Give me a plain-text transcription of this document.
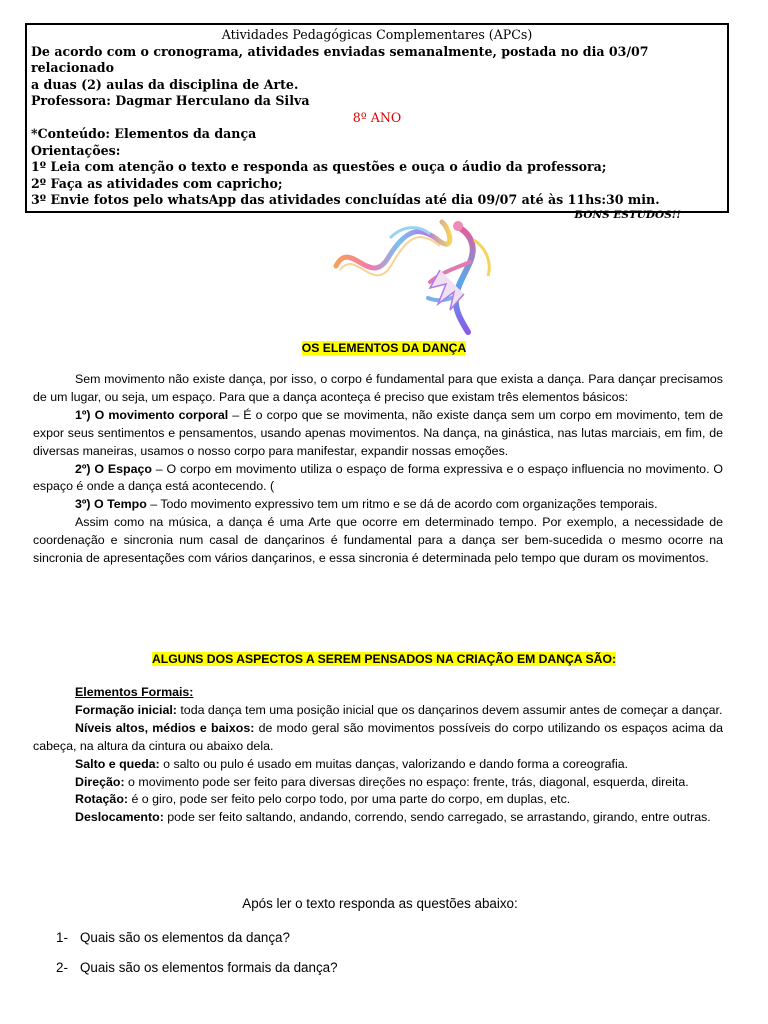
Atividades Pedagógicas Complementares (APCs)
De acordo com o cronograma, atividades enviadas semanalmente, postada no dia 03/07 relacionado
a duas (2) aulas da disciplina de Arte.
Professora: Dagmar Herculano da Silva
8º ANO
*Conteúdo: Elementos da dança
Orientações:
1º Leia com atenção o texto e responda as questões e ouça o áudio da professora;
2º Faça as atividades com capricho;
3º Envie fotos pelo whatsApp das atividades concluídas até dia 09/07 até às 11hs:30 min.
BONS ESTUDOS!!
OS ELEMENTOS DA DANÇA

Sem movimento não existe dança, por isso, o corpo é fundamental para que exista a dança. Para dançar precisamos de um lugar, ou seja, um espaço. Para que a dança aconteça é preciso que existam três elementos básicos:

1º) O movimento corporal – É o corpo que se movimenta, não existe dança sem um corpo em movimento, tem de expor seus sentimentos e pensamentos, usando apenas movimentos. Na dança, na ginástica, nas lutas marciais, em fim, de diversas maneiras, usamos o nosso corpo para manifestar, expandir nossas emoções.

2º) O Espaço – O corpo em movimento utiliza o espaço de forma expressiva e o espaço influencia no movimento. O espaço é onde a dança está acontecendo. (

3º) O Tempo – Todo movimento expressivo tem um ritmo e se dá de acordo com organizações temporais.

Assim como na música, a dança é uma Arte que ocorre em determinado tempo. Por exemplo, a necessidade de coordenação e sincronia num casal de dançarinos é fundamental para a dança ser bem-sucedida o mesmo ocorre na sincronia de apresentações com vários dançarinos, e essa sincronia é determinada pelo tempo que duram os movimentos.

ALGUNS DOS ASPECTOS A SEREM PENSADOS NA CRIAÇÃO EM DANÇA SÃO:

Elementos Formais:

Formação inicial: toda dança tem uma posição inicial que os dançarinos devem assumir antes de começar a dançar.

Níveis altos, médios e baixos: de modo geral são movimentos possíveis do corpo utilizando os espaços acima da cabeça, na altura da cintura ou abaixo dela.

Salto e queda: o salto ou pulo é usado em muitas danças, valorizando e dando forma a coreografia.

Direção: o movimento pode ser feito para diversas direções no espaço: frente, trás, diagonal, esquerda, direita.

Rotação: é o giro, pode ser feito pelo corpo todo, por uma parte do corpo, em duplas, etc.

Deslocamento: pode ser feito saltando, andando, correndo, sendo carregado, se arrastando, girando, entre outras.

Após ler o texto responda as questões abaixo:
1- Quais são os elementos da dança?
2- Quais são os elementos formais da dança?
